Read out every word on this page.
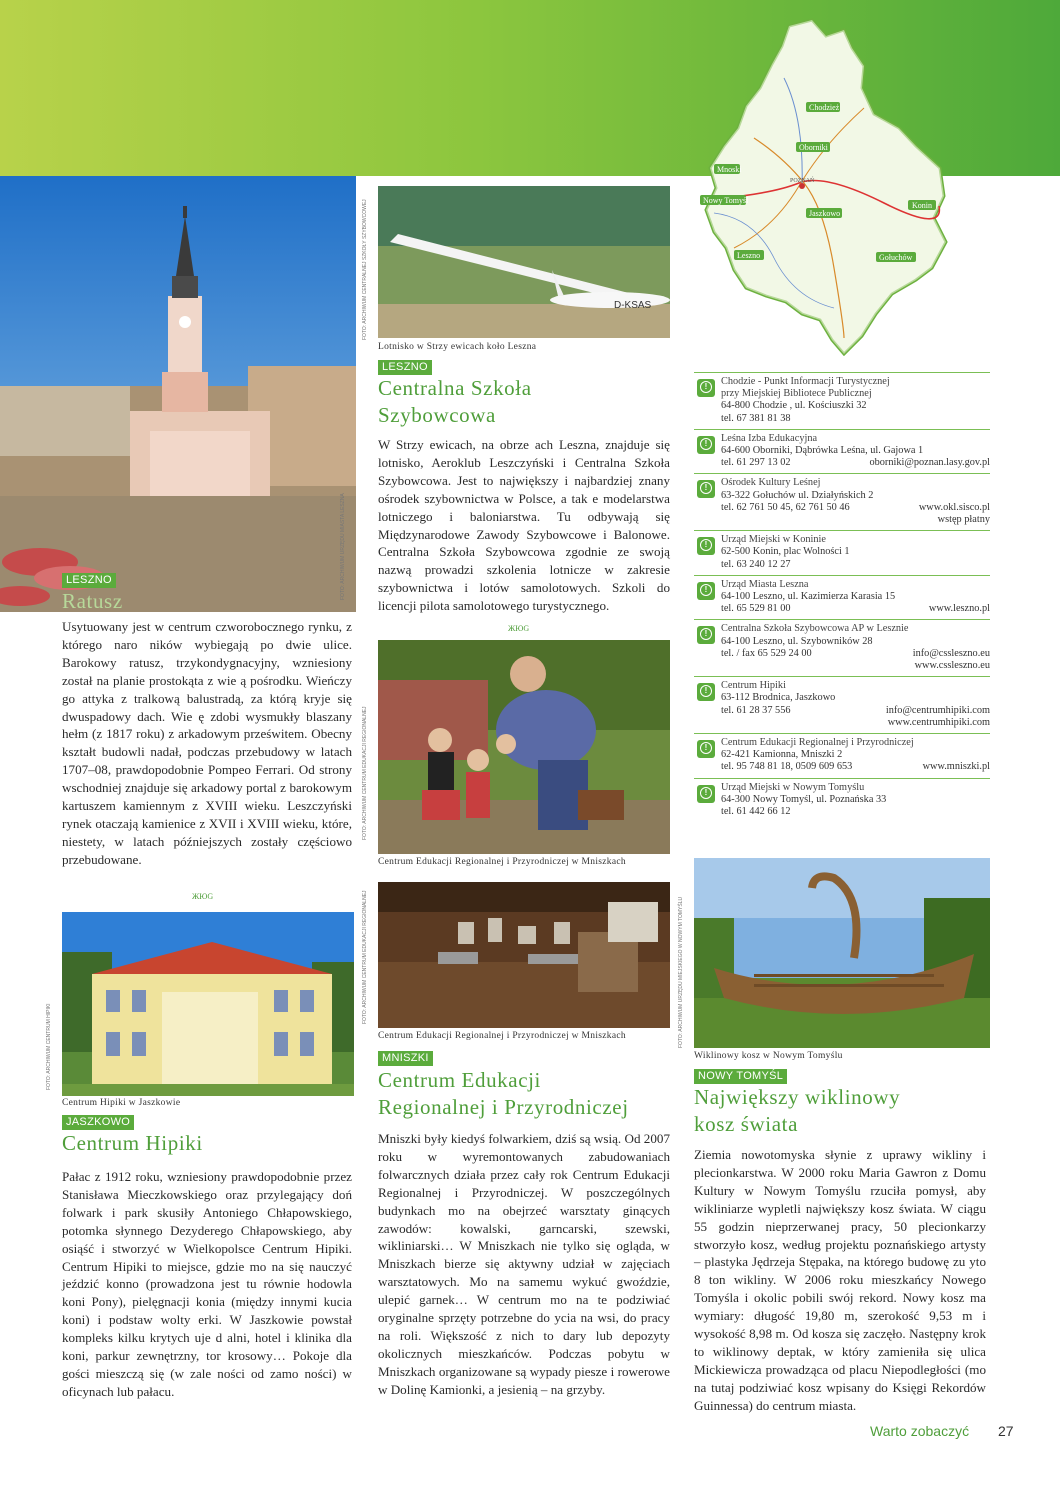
POZNAŃ
Chodzież
Oborniki
Mnoski
Nowy Tomyśl
Leszno
Jaszkowo
Konin
Gołuchów
FOTO: ARCHIWUM URZĘDU MIASTA LESZNA
LESZNO
Ratusz
Usytuowany jest w centrum czworobocznego rynku, z którego naro ników wybiegają po dwie ulice. Barokowy ratusz, trzykondygnacyjny, wzniesiony został na planie prostokąta z wie ą pośrodku. Wieńczy go attyka z tralkową balustradą, za którą kryje się dwuspadowy dach. Wie ę zdobi wysmukły blaszany hełm (z 1817 roku) z arkadowym prześwitem. Obecny kształt budowli nadał, podczas przebudowy w latach 1707–08, prawdopodobnie Pompeo Ferrari. Od strony wschodniej znajduje się arkadowy portal z barokowym kartuszem kamiennym z XVIII wieku. Leszczyński rynek otaczają kamienice z XVII i XVIII wieku, które, niestety, w latach późniejszych zostały częściowo przebudowane.
ЖЮG
FOTO: ARCHIWUM CENTRUM HIPIKI
Centrum Hipiki w Jaszkowie
JASZKOWO
Centrum Hipiki
Pałac z 1912 roku, wzniesiony prawdopodobnie przez Stanisława Mieczkowskiego oraz przylegający doń folwark i park skusiły Antoniego Chłapowskiego, potomka słynnego Dezyderego Chłapowskiego, aby osiąść i stworzyć w Wielkopolsce Centrum Hipiki. Centrum Hipiki to miejsce, gdzie mo na się nauczyć jeździć konno (prowadzona jest tu równie hodowla koni Pony), pielęgnacji konia (między innymi kucia koni) i podstaw wolty erki. W Jaszkowie powstał kompleks kilku krytych uje d alni, hotel i klinika dla koni, parkur zewnętrzny, tor krosowy… Pokoje dla gości mieszczą się (w zale ności od zamo ności) w oficynach lub pałacu.
D-KSAS
FOTO: ARCHIWUM CENTRALNEJ SZKOŁY SZYBOWCOWEJ
Lotnisko w Strzy ewicach koło Leszna
LESZNO
Centralna Szkoła
Szybowcowa
W Strzy ewicach, na obrze ach Leszna, znajduje się lotnisko, Aeroklub Leszczyński i Centralna Szkoła Szybowcowa. Jest to największy i najbardziej znany ośrodek szybownictwa w Polsce, a tak e modelarstwa lotniczego i baloniarstwa. Tu odbywają się Międzynarodowe Zawody Szybowcowe i Balonowe. Centralna Szkoła Szybowcowa zgodnie ze swoją nazwą prowadzi szkolenia lotnicze w zakresie szybownictwa i lotów samolotowych. Szkoli do licencji pilota samolotowego turystycznego.
ЖЮG
FOTO: ARCHIWUM CENTRUM EDUKACJI REGIONALNEJ
Centrum Edukacji Regionalnej i Przyrodniczej w Mniszkach
FOTO: ARCHIWUM CENTRUM EDUKACJI REGIONALNEJ
Centrum Edukacji Regionalnej i Przyrodniczej w Mniszkach
MNISZKI
Centrum Edukacji
Regionalnej i Przyrodniczej
Mniszki były kiedyś folwarkiem, dziś są wsią. Od 2007 roku w wyremontowanych zabudowaniach folwarcznych działa przez cały rok Centrum Edukacji Regionalnej i Przyrodniczej. W poszczególnych budynkach mo na obejrzeć warsztaty ginących zawodów: kowalski, garncarski, szewski, wikliniarski… W Mniszkach nie tylko się ogląda, w Mniszkach bierze się aktywny udział w zajęciach warsztatowych. Mo na samemu wykuć gwoździe, ulepić garnek… W centrum mo na te podziwiać oryginalne sprzęty potrzebne do ycia na wsi, do pracy na roli. Większość z nich to dary lub depozyty okolicznych mieszkańców. Podczas pobytu w Mniszkach organizowane są wypady piesze i rowerowe w Dolinę Kamionki, a jesienią – na grzyby.
!
Chodzie - Punkt Informacji Turystycznej
przy Miejskiej Bibliotece Publicznej
64-800 Chodzie , ul. Kościuszki 32
tel. 67 381 81 38
!
Leśna Izba Edukacyjna
64-600 Oborniki, Dąbrówka Leśna, ul. Gajowa 1
tel. 61 297 13 02	oborniki@poznan.lasy.gov.pl
!
Ośrodek Kultury Leśnej
63-322 Gołuchów ul. Działyńskich 2
tel. 62 761 50 45, 62 761 50 46	www.okl.sisco.pl
wstęp płatny
!
Urząd Miejski w Koninie
62-500 Konin, plac Wolności 1
tel. 63 240 12 27
!
Urząd Miasta Leszna
64-100 Leszno, ul. Kazimierza Karasia 15
tel. 65 529 81 00	www.leszno.pl
!
Centralna Szkoła Szybowcowa AP w Lesznie
64-100 Leszno, ul. Szybowników 28
tel. / fax 65 529 24 00	info@cssleszno.eu
www.cssleszno.eu
!
Centrum Hipiki
63-112 Brodnica, Jaszkowo
tel. 61 28 37 556	info@centrumhipiki.com
www.centrumhipiki.com
!
Centrum Edukacji Regionalnej i Przyrodniczej
62-421 Kamionna, Mniszki 2
tel. 95 748 81 18, 0509 609 653	www.mniszki.pl
!
Urząd Miejski w Nowym Tomyślu
64-300 Nowy Tomyśl, ul. Poznańska 33
tel. 61 442 66 12
FOTO: ARCHIWUM URZĘDU MIEJSKIEGO W NOWYM TOMYŚLU
Wiklinowy kosz w Nowym Tomyślu
NOWY TOMYŚL
Największy wiklinowy
kosz świata
Ziemia nowotomyska słynie z uprawy wikliny i plecionkarstwa. W 2000 roku Maria Gawron z Domu Kultury w Nowym Tomyślu rzuciła pomysł, aby wikliniarze wypletli największy kosz świata. W ciągu 55 godzin nieprzerwanej pracy, 50 plecionkarzy stworzyło kosz, według projektu poznańskiego artysty – plastyka Jędrzeja Stępaka, na którego budowę zu yto 8 ton wikliny. W 2006 roku mieszkańcy Nowego Tomyśla i okolic pobili swój rekord. Nowy kosz ma wymiary: długość 19,80 m, szerokość 9,53 m i wysokość 8,98 m. Od kosza się zaczęło. Następny krok to wiklinowy deptak, w który zamieniła się ulica Mickiewicza prowadząca od placu Niepodległości (mo na tutaj podziwiać kosz wpisany do Księgi Rekordów Guinnessa) do centrum miasta.
Warto zobaczyć 27
